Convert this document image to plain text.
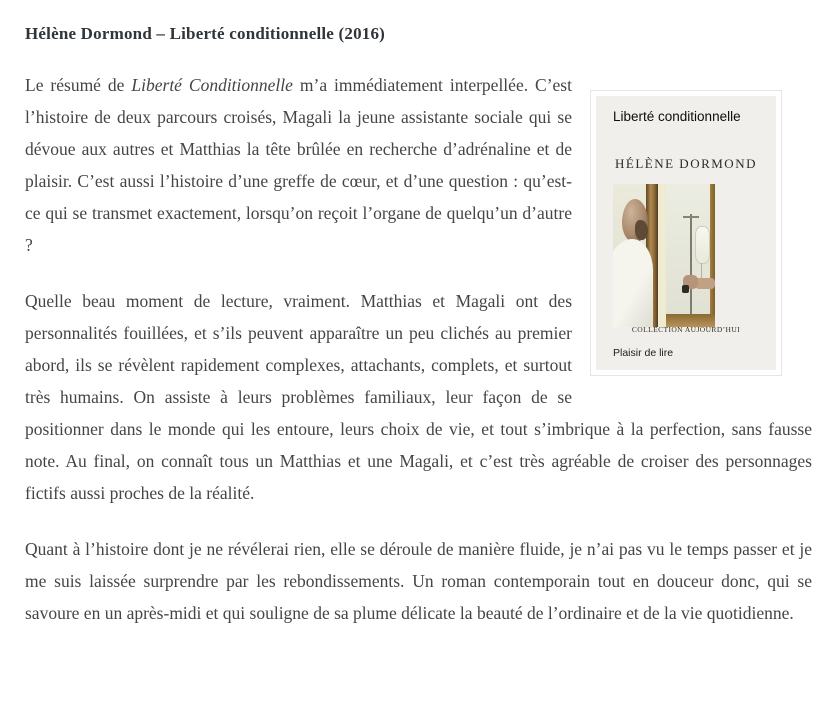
Hélène Dormond – Liberté conditionnelle (2016)
Liberté conditionnelle
HÉLÈNE DORMOND
COLLECTION AUJOURD’HUI
Plaisir de lire

Le résumé de Liberté Conditionnelle m’a immédiatement interpellée. C’est l’histoire de deux parcours croisés, Magali la jeune assistante sociale qui se dévoue aux autres et Matthias la tête brûlée en recherche d’adrénaline et de plaisir. C’est aussi l’histoire d’une greffe de cœur, et d’une question : qu’est-ce qui se transmet exactement, lorsqu’on reçoit l’organe de quelqu’un d’autre ?

Quelle beau moment de lecture, vraiment. Matthias et Magali ont des personnalités fouillées, et s’ils peuvent apparaître un peu clichés au premier abord, ils se révèlent rapidement complexes, attachants, complets, et surtout très humains. On assiste à leurs problèmes familiaux, leur façon de se positionner dans le monde qui les entoure, leurs choix de vie, et tout s’imbrique à la perfection, sans fausse note. Au final, on connaît tous un Matthias et une Magali, et c’est très agréable de croiser des personnages fictifs aussi proches de la réalité.

Quant à l’histoire dont je ne révélerai rien, elle se déroule de manière fluide, je n’ai pas vu le temps passer et je me suis laissée surprendre par les rebondissements. Un roman contemporain tout en douceur donc, qui se savoure en un après-midi et qui souligne de sa plume délicate la beauté de l’ordinaire et de la vie quotidienne.
